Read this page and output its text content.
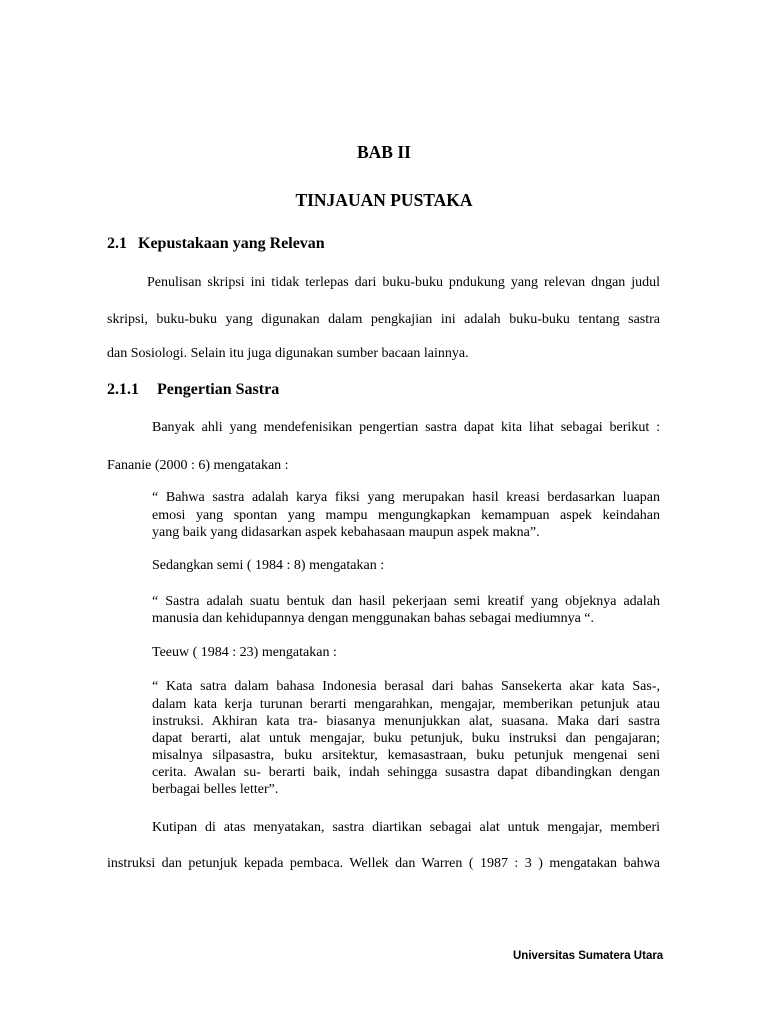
BAB II
TINJAUAN PUSTAKA
2.1 Kepustakaan yang Relevan
Penulisan skripsi ini tidak terlepas dari buku-buku pndukung yang relevan dngan judul
skripsi, buku-buku yang digunakan dalam pengkajian ini adalah buku-buku tentang sastra
dan Sosiologi. Selain itu juga digunakan sumber bacaan lainnya.
2.1.1 Pengertian Sastra
Banyak ahli yang mendefenisikan pengertian sastra dapat kita lihat sebagai berikut :
Fananie (2000 : 6) mengatakan :
“ Bahwa sastra adalah karya fiksi yang merupakan hasil kreasi berdasarkan luapan
emosi yang spontan yang mampu mengungkapkan kemampuan aspek keindahan
yang baik yang didasarkan aspek kebahasaan maupun aspek makna”.
Sedangkan semi ( 1984 : 8) mengatakan :
“ Sastra adalah suatu bentuk dan hasil pekerjaan semi kreatif yang objeknya adalah
manusia dan kehidupannya dengan menggunakan bahas sebagai mediumnya “.
Teeuw ( 1984 : 23) mengatakan :
“ Kata satra dalam bahasa Indonesia berasal dari bahas Sansekerta akar kata Sas-,
dalam kata kerja turunan berarti mengarahkan, mengajar, memberikan petunjuk atau
instruksi. Akhiran kata tra- biasanya menunjukkan alat, suasana. Maka dari sastra
dapat berarti, alat untuk mengajar, buku petunjuk, buku instruksi dan pengajaran;
misalnya silpasastra, buku arsitektur, kemasastraan, buku petunjuk mengenai seni
cerita. Awalan su- berarti baik, indah sehingga susastra dapat dibandingkan dengan
berbagai belles letter”.
Kutipan di atas menyatakan, sastra diartikan sebagai alat untuk mengajar, memberi
instruksi dan petunjuk kepada pembaca. Wellek dan Warren ( 1987 : 3 ) mengatakan bahwa
Universitas Sumatera Utara
